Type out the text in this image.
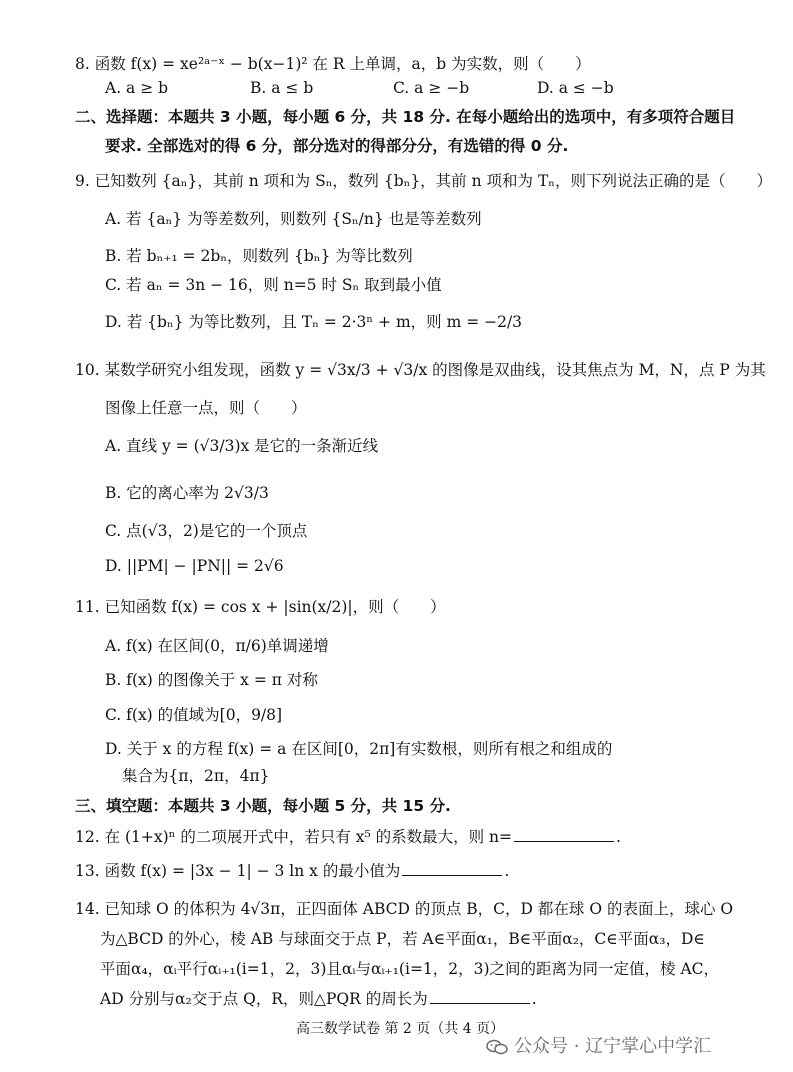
8. 函数 f(x) = xe²ᵃ⁻ˣ − b(x−1)² 在 R 上单调，a，b 为实数，则（　　）
A. a ≥ b	B. a ≤ b	C. a ≥ −b	D. a ≤ −b
二、选择题：本题共 3 小题，每小题 6 分，共 18 分. 在每小题给出的选项中，有多项符合题目
要求. 全部选对的得 6 分，部分选对的得部分分，有选错的得 0 分.
9. 已知数列 {aₙ}，其前 n 项和为 Sₙ，数列 {bₙ}，其前 n 项和为 Tₙ，则下列说法正确的是（　　）
A. 若 {aₙ} 为等差数列，则数列 {Sₙ/n} 也是等差数列
B. 若 bₙ₊₁ = 2bₙ，则数列 {bₙ} 为等比数列
C. 若 aₙ = 3n − 16，则 n=5 时 Sₙ 取到最小值
D. 若 {bₙ} 为等比数列，且 Tₙ = 2·3ⁿ + m，则 m = −2/3
10. 某数学研究小组发现，函数 y = √3x/3 + √3/x 的图像是双曲线，设其焦点为 M，N，点 P 为其
图像上任意一点，则（　　）
A. 直线 y = (√3/3)x 是它的一条渐近线
B. 它的离心率为 2√3/3
C. 点(√3，2)是它的一个顶点
D. ||PM| − |PN|| = 2√6
11. 已知函数 f(x) = cos x + |sin(x/2)|，则（　　）
A. f(x) 在区间(0，π/6)单调递增
B. f(x) 的图像关于 x = π 对称
C. f(x) 的值域为[0，9/8]
D. 关于 x 的方程 f(x) = a 在区间[0，2π]有实数根，则所有根之和组成的
集合为{π，2π，4π}
三、填空题：本题共 3 小题，每小题 5 分，共 15 分.
12. 在 (1+x)ⁿ 的二项展开式中，若只有 x⁵ 的系数最大，则 n=	.
13. 函数 f(x) = |3x − 1| − 3 ln x 的最小值为	.
14. 已知球 O 的体积为 4√3π，正四面体 ABCD 的顶点 B，C，D 都在球 O 的表面上，球心 O
为△BCD 的外心，棱 AB 与球面交于点 P，若 A∈平面α₁，B∈平面α₂，C∈平面α₃，D∈
平面α₄，αᵢ平行αᵢ₊₁(i=1，2，3)且αᵢ与αᵢ₊₁(i=1，2，3)之间的距离为同一定值，棱 AC，
AD 分别与α₂交于点 Q，R，则△PQR 的周长为	.
高三数学试卷 第 2 页（共 4 页）
公众号 · 辽宁掌心中学汇
